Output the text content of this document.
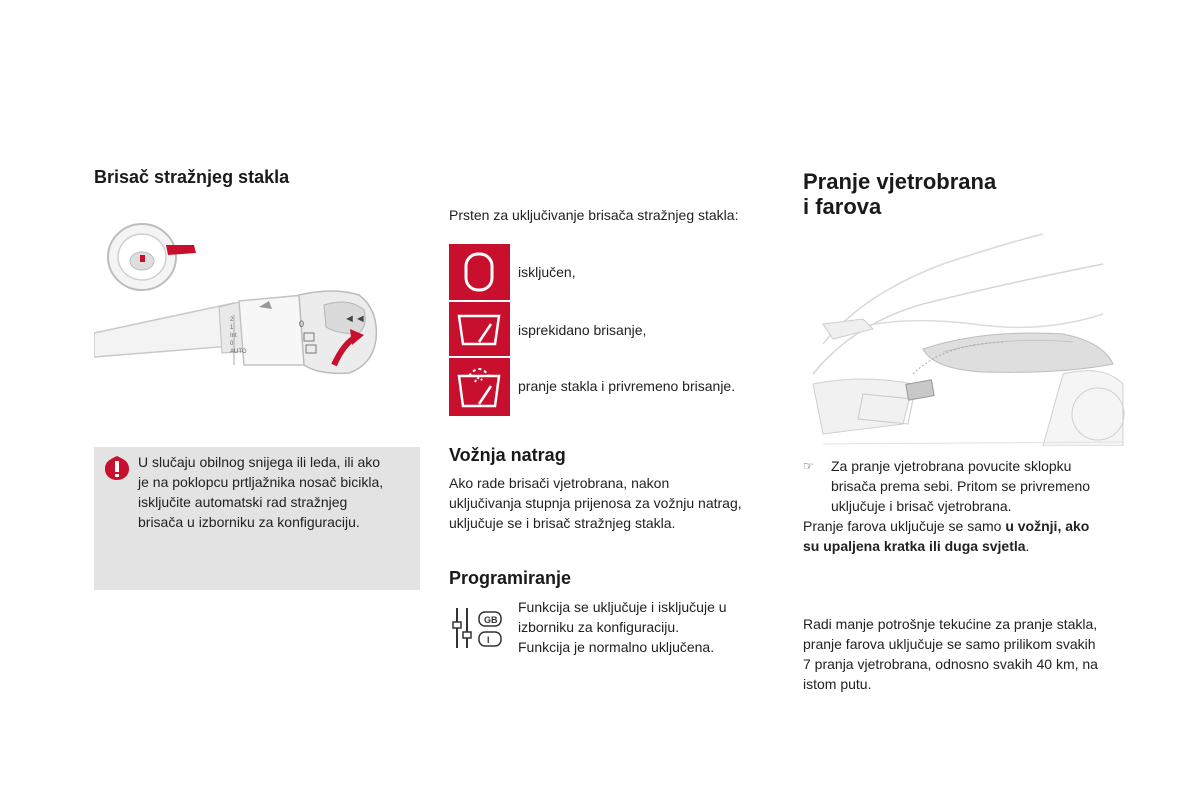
Brisač stražnjeg stakla
◄◄
0
2
1
Int
0
AUTO
U slučaju obilnog snijega ili leda, ili ako
je na poklopcu prtljažnika nosač bicikla,
isključite automatski rad stražnjeg
brisača u izborniku za konfiguraciju.
Prsten za uključivanje brisača stražnjeg stakla:
isključen,
isprekidano brisanje,
pranje stakla i privremeno brisanje.
Vožnja natrag
Ako rade brisači vjetrobrana, nakon
uključivanja stupnja prijenosa za vožnju natrag,
uključuje se i brisač stražnjeg stakla.
Programiranje
GB
I
Funkcija se uključuje i isključuje u
izborniku za konfiguraciju.
Funkcija je normalno uključena.
Pranje vjetrobrana
i farova
☞	Za pranje vjetrobrana povucite sklopku
brisača prema sebi. Pritom se privremeno
uključuje i brisač vjetrobrana.
Pranje farova uključuje se samo u vožnji, ako
su upaljena kratka ili duga svjetla.
Radi manje potrošnje tekućine za pranje stakla,
pranje farova uključuje se samo prilikom svakih
7 pranja vjetrobrana, odnosno svakih 40 km, na
istom putu.
